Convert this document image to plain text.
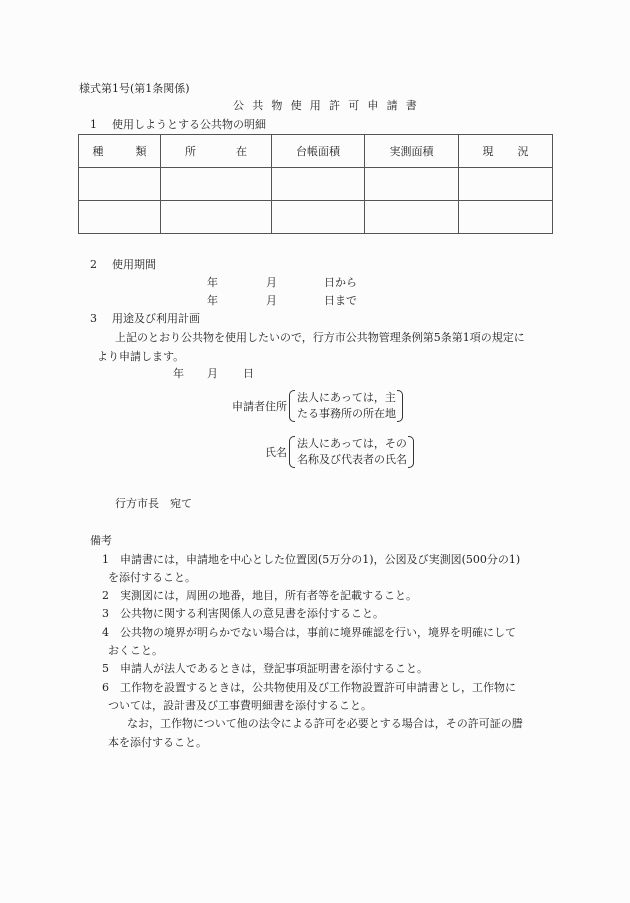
様式第1号(第1条関係)
公共物使用許可申請書
1 使用しようとする公共物の明細
種 類	所 在	台帳面積	実測面積	現 況

2 使用期間
年	月	日から
年	月	日まで
3 用途及び利用計画
上記のとおり公共物を使用したいので，行方市公共物管理条例第5条第1項の規定に
より申請します。
年 月 日
申請者住所
法人にあっては，主
たる事務所の所在地
氏名
法人にあっては，その
名称及び代表者の氏名
行方市長　宛て
備考
1 申請書には，申請地を中心とした位置図(5万分の1)，公図及び実測図(500分の1)
を添付すること。
2 実測図には，周囲の地番，地目，所有者等を記載すること。
3 公共物に関する利害関係人の意見書を添付すること。
4 公共物の境界が明らかでない場合は，事前に境界確認を行い，境界を明確にして
おくこと。
5 申請人が法人であるときは，登記事項証明書を添付すること。
6 工作物を設置するときは，公共物使用及び工作物設置許可申請書とし，工作物に
ついては，設計書及び工事費明細書を添付すること。
なお，工作物について他の法令による許可を必要とする場合は，その許可証の謄
本を添付すること。
